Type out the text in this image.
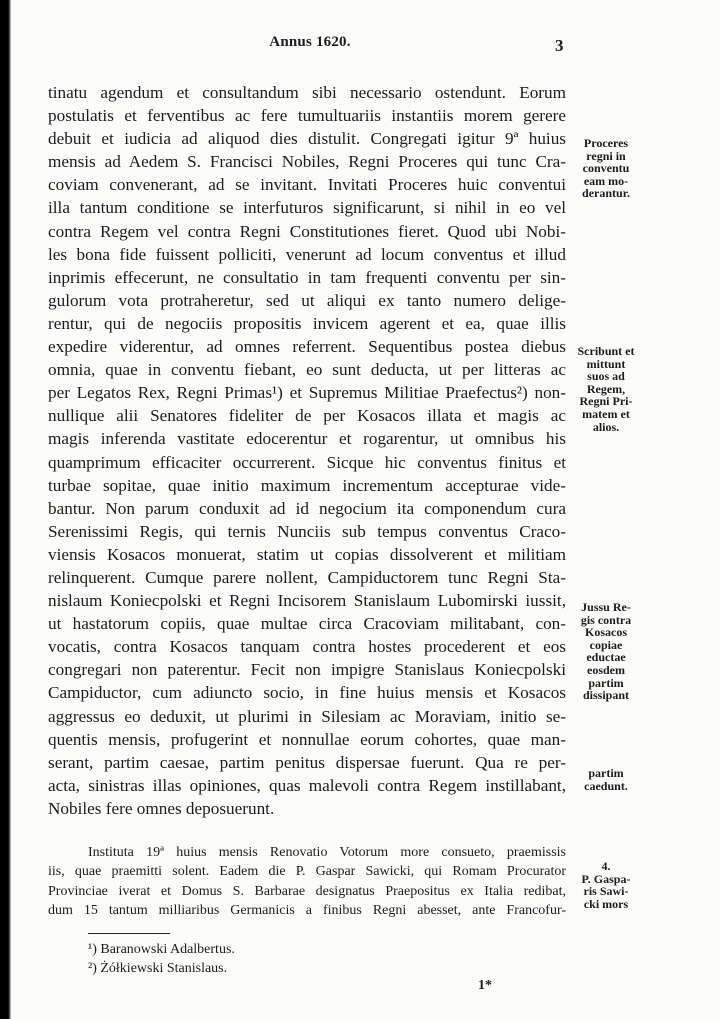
Annus 1620.	3
tinatu agendum et consultandum sibi necessario ostendunt. Eorum
postulatis et ferventibus ac fere tumultuariis instantiis morem gerere
debuit et iudicia ad aliquod dies distulit. Congregati igitur 9ª huius
mensis ad Aedem S. Francisci Nobiles, Regni Proceres qui tunc Cra-
coviam convenerant, ad se invitant. Invitati Proceres huic conventui
illa tantum conditione se interfuturos significarunt, si nihil in eo vel
contra Regem vel contra Regni Constitutiones fieret. Quod ubi Nobi-
les bona fide fuissent polliciti, venerunt ad locum conventus et illud
inprimis effecerunt, ne consultatio in tam frequenti conventu per sin-
gulorum vota protraheretur, sed ut aliqui ex tanto numero delige-
rentur, qui de negociis propositis invicem agerent et ea, quae illis
expedire viderentur, ad omnes referrent. Sequentibus postea diebus
omnia, quae in conventu fiebant, eo sunt deducta, ut per litteras ac
per Legatos Rex, Regni Primas¹) et Supremus Militiae Praefectus²) non-
nullique alii Senatores fideliter de per Kosacos illata et magis ac
magis inferenda vastitate edocerentur et rogarentur, ut omnibus his
quamprimum efficaciter occurrerent. Sicque hic conventus finitus et
turbae sopitae, quae initio maximum incrementum accepturae vide-
bantur. Non parum conduxit ad id negocium ita componendum cura
Serenissimi Regis, qui ternis Nunciis sub tempus conventus Craco-
viensis Kosacos monuerat, statim ut copias dissolverent et militiam
relinquerent. Cumque parere nollent, Campiductorem tunc Regni Sta-
nislaum Koniecpolski et Regni Incisorem Stanislaum Lubomirski iussit,
ut hastatorum copiis, quae multae circa Cracoviam militabant, con-
vocatis, contra Kosacos tanquam contra hostes procederent et eos
congregari non paterentur. Fecit non impigre Stanislaus Koniecpolski
Campiductor, cum adiuncto socio, in fine huius mensis et Kosacos
aggressus eo deduxit, ut plurimi in Silesiam ac Moraviam, initio se-
quentis mensis, profugerint et nonnullae eorum cohortes, quae man-
serant, partim caesae, partim penitus dispersae fuerunt. Qua re per-
acta, sinistras illas opiniones, quas malevoli contra Regem instillabant,
Nobiles fere omnes deposuerunt.
Instituta 19ª huius mensis Renovatio Votorum more consueto, praemissis
iis, quae praemitti solent. Eadem die P. Gaspar Sawicki, qui Romam Procurator
Provinciae iverat et Domus S. Barbarae designatus Praepositus ex Italia redibat,
dum 15 tantum milliaribus Germanicis a finibus Regni abesset, ante Francofur-
Proceres
regni in
conventu
eam mo-
derantur.
Scribunt et
mittunt
suos ad
Regem,
Regni Pri-
matem et
alios.
Jussu Re-
gis contra
Kosacos
copiae
eductae
eosdem
partim
dissipant
partim
caedunt.
4.
P. Gaspa-
ris Sawi-
cki mors
¹) Baranowski Adalbertus.
²) Żółkiewski Stanislaus.
1*
